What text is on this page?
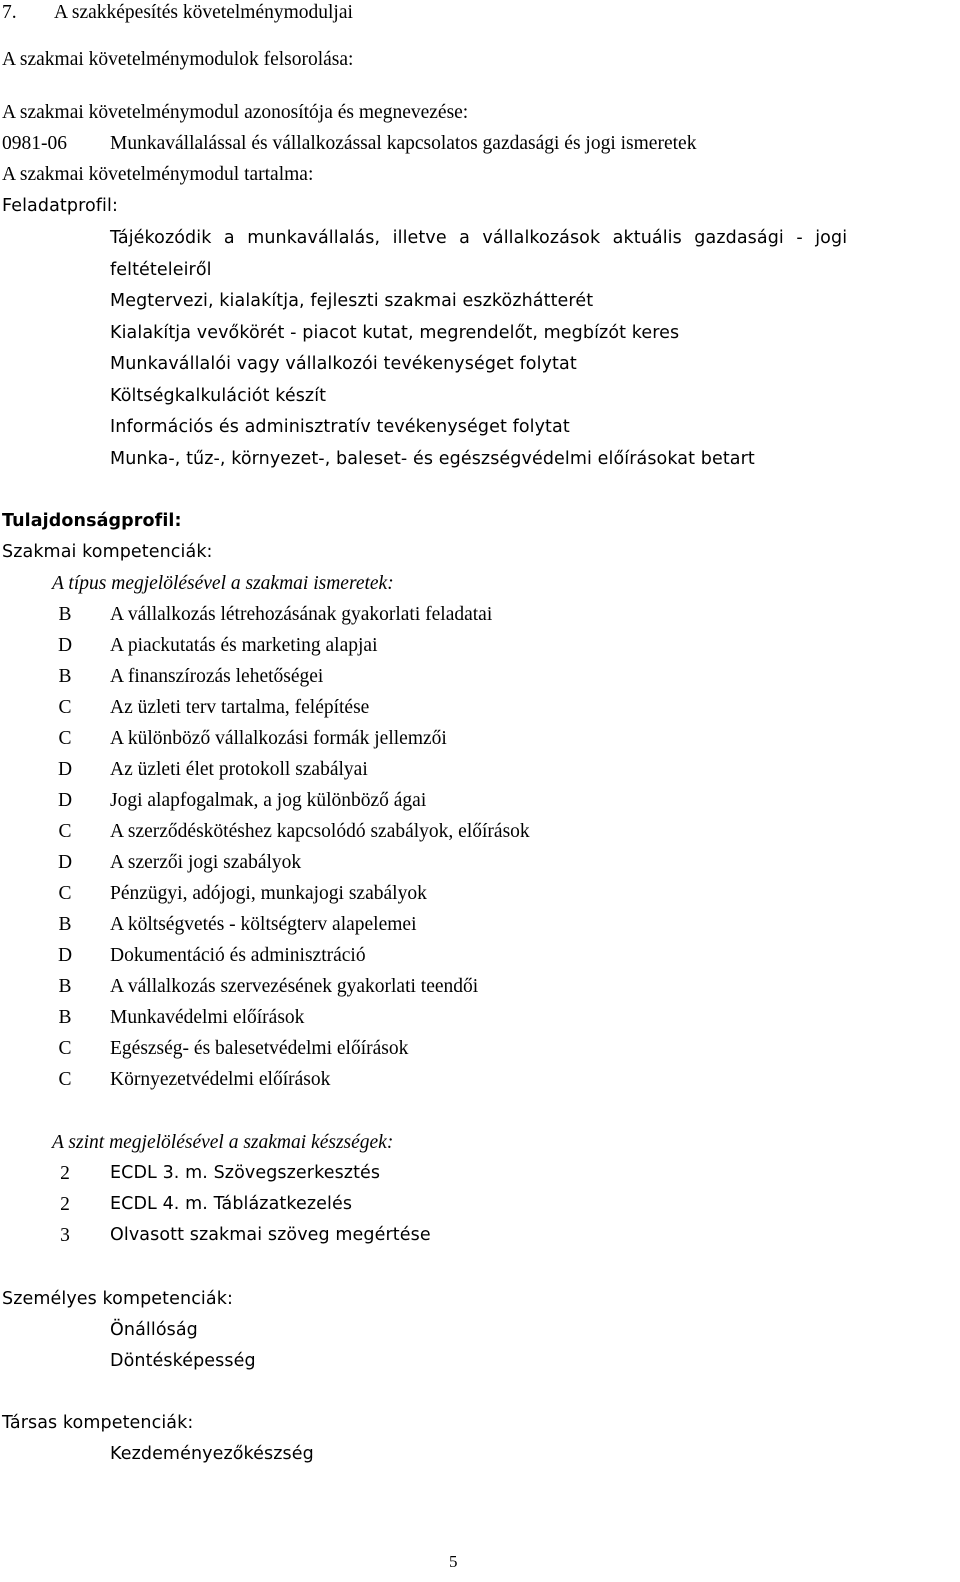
7. A szakképesítés követelménymoduljai
A szakmai követelménymodulok felsorolása:
A szakmai követelménymodul azonosítója és megnevezése:
0981-06 Munkavállalással és vállalkozással kapcsolatos gazdasági és jogi ismeretek
A szakmai követelménymodul tartalma:
Feladatprofil:
Tájékozódik a munkavállalás, illetve a vállalkozások aktuális gazdasági - jogi
feltételeiről
Megtervezi, kialakítja, fejleszti szakmai eszközhátterét
Kialakítja vevőkörét - piacot kutat, megrendelőt, megbízót keres
Munkavállalói vagy vállalkozói tevékenységet folytat
Költségkalkulációt készít
Információs és adminisztratív tevékenységet folytat
Munka-, tűz-, környezet-, baleset- és egészségvédelmi előírásokat betart
Tulajdonságprofil:
Szakmai kompetenciák:
A típus megjelölésével a szakmai ismeretek:
B	A vállalkozás létrehozásának gyakorlati feladatai
D	A piackutatás és marketing alapjai
B	A finanszírozás lehetőségei
C	Az üzleti terv tartalma, felépítése
C	A különböző vállalkozási formák jellemzői
D	Az üzleti élet protokoll szabályai
D	Jogi alapfogalmak, a jog különböző ágai
C	A szerződéskötéshez kapcsolódó szabályok, előírások
D	A szerzői jogi szabályok
C	Pénzügyi, adójogi, munkajogi szabályok
B	A költségvetés - költségterv alapelemei
D	Dokumentáció és adminisztráció
B	A vállalkozás szervezésének gyakorlati teendői
B	Munkavédelmi előírások
C	Egészség- és balesetvédelmi előírások
C	Környezetvédelmi előírások
A szint megjelölésével a szakmai készségek:
2	ECDL 3. m. Szövegszerkesztés
2	ECDL 4. m. Táblázatkezelés
3	Olvasott szakmai szöveg megértése
Személyes kompetenciák:
Önállóság
Döntésképesség
Társas kompetenciák:
Kezdeményezőkészség
5
